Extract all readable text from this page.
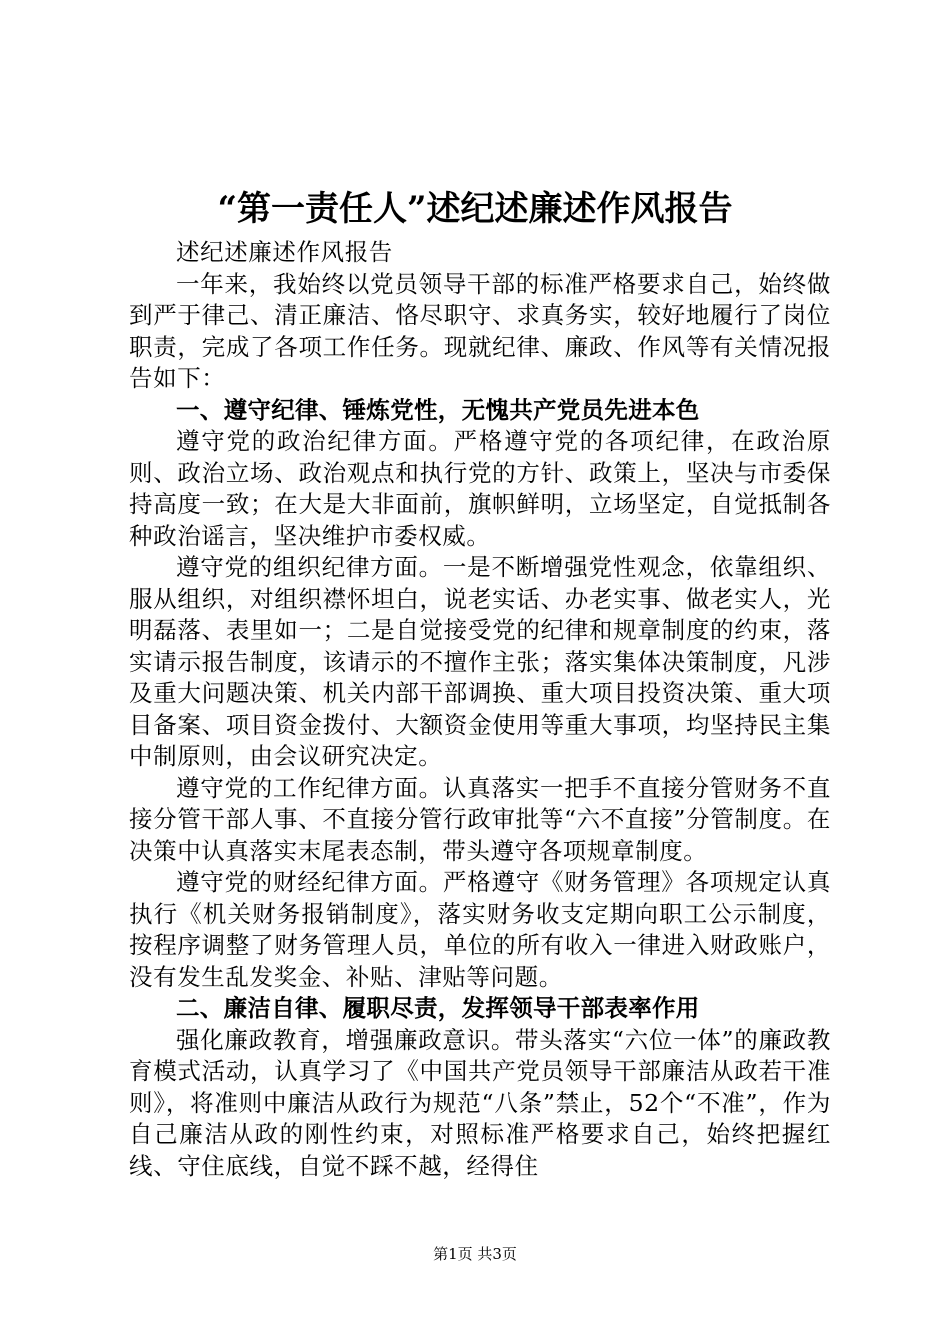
“第一责任人”述纪述廉述作风报告

述纪述廉述作风报告

一年来，我始终以党员领导干部的标准严格要求自己，始终做到严于律己、清正廉洁、恪尽职守、求真务实，较好地履行了岗位职责，完成了各项工作任务。现就纪律、廉政、作风等有关情况报告如下：

一、遵守纪律、锤炼党性，无愧共产党员先进本色

遵守党的政治纪律方面。严格遵守党的各项纪律，在政治原则、政治立场、政治观点和执行党的方针、政策上，坚决与市委保持高度一致；在大是大非面前，旗帜鲜明，立场坚定，自觉抵制各种政治谣言，坚决维护市委权威。

遵守党的组织纪律方面。一是不断增强党性观念，依靠组织、服从组织，对组织襟怀坦白，说老实话、办老实事、做老实人，光明磊落、表里如一；二是自觉接受党的纪律和规章制度的约束，落实请示报告制度，该请示的不擅作主张；落实集体决策制度，凡涉及重大问题决策、机关内部干部调换、重大项目投资决策、重大项目备案、项目资金拨付、大额资金使用等重大事项，均坚持民主集中制原则，由会议研究决定。

遵守党的工作纪律方面。认真落实一把手不直接分管财务不直接分管干部人事、不直接分管行政审批等“六不直接”分管制度。在决策中认真落实末尾表态制，带头遵守各项规章制度。

遵守党的财经纪律方面。严格遵守《财务管理》各项规定认真执行《机关财务报销制度》，落实财务收支定期向职工公示制度，按程序调整了财务管理人员，单位的所有收入一律进入财政账户，没有发生乱发奖金、补贴、津贴等问题。

二、廉洁自律、履职尽责，发挥领导干部表率作用

强化廉政教育，增强廉政意识。带头落实“六位一体”的廉政教育模式活动，认真学习了《中国共产党员领导干部廉洁从政若干准则》，将准则中廉洁从政行为规范“八条”禁止，52个“不准”，作为自己廉洁从政的刚性约束，对照标准严格要求自己，始终把握红线、守住底线，自觉不踩不越，经得住

第1页 共3页
